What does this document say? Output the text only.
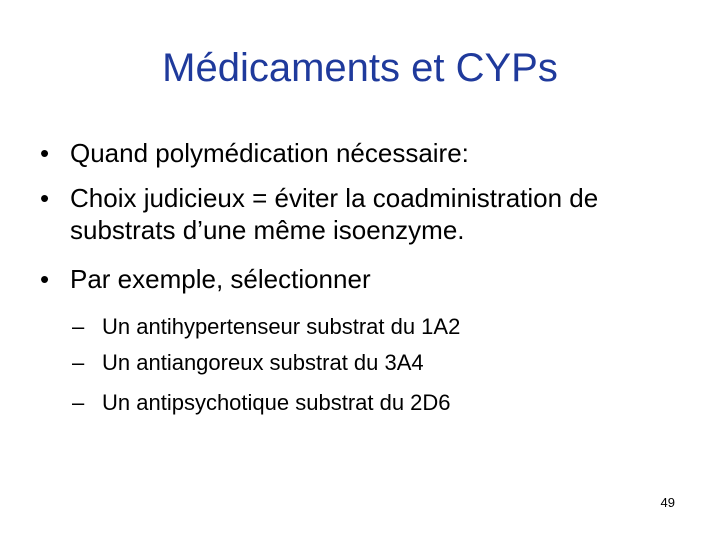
Médicaments et CYPs
• Quand polymédication nécessaire:
• Choix judicieux = éviter la coadministration de substrats d’une même isoenzyme.
• Par exemple, sélectionner
– Un antihypertenseur substrat du 1A2
– Un antiangoreux substrat du 3A4
– Un antipsychotique substrat du 2D6
49
